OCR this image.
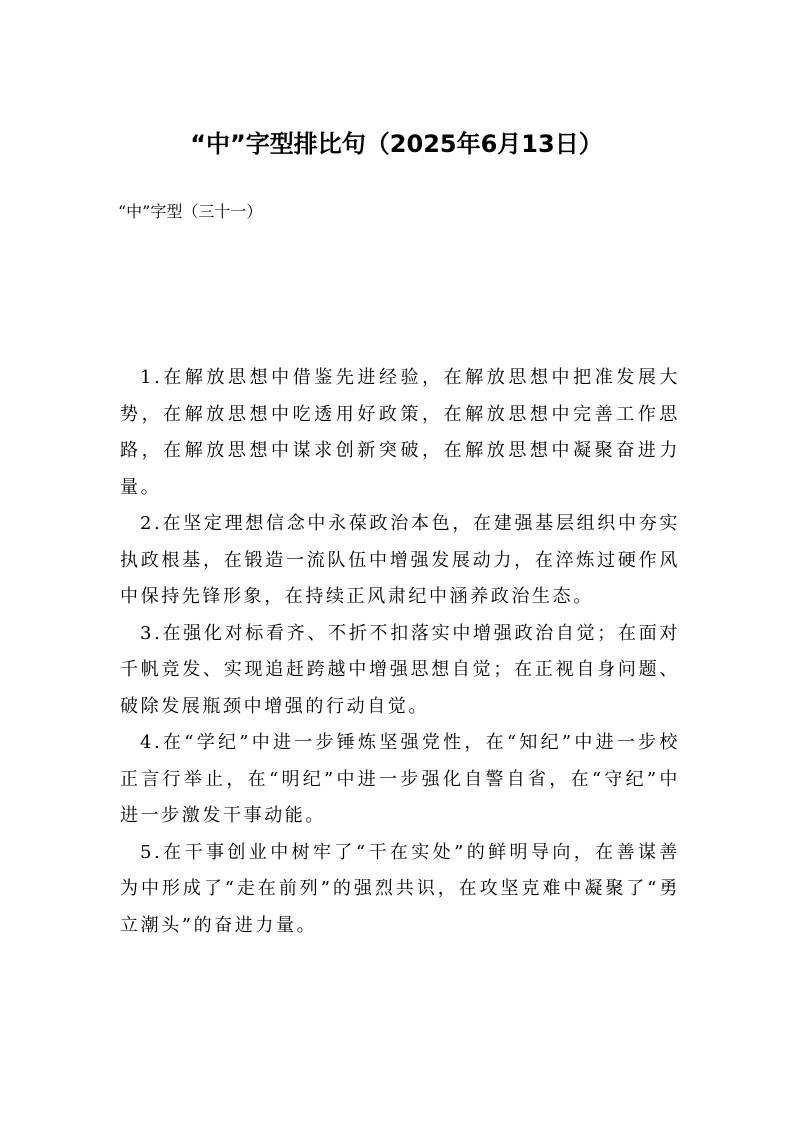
“中”字型排比句（2025年6月13日）
“中”字型（三十一）

1.在解放思想中借鉴先进经验，在解放思想中把准发展大势，在解放思想中吃透用好政策，在解放思想中完善工作思路，在解放思想中谋求创新突破，在解放思想中凝聚奋进力量。

2.在坚定理想信念中永葆政治本色，在建强基层组织中夯实执政根基，在锻造一流队伍中增强发展动力，在淬炼过硬作风中保持先锋形象，在持续正风肃纪中涵养政治生态。

3.在强化对标看齐、不折不扣落实中增强政治自觉；在面对千帆竞发、实现追赶跨越中增强思想自觉；在正视自身问题、破除发展瓶颈中增强的行动自觉。

4.在“学纪”中进一步锤炼坚强党性，在“知纪”中进一步校正言行举止，在“明纪”中进一步强化自警自省，在“守纪”中进一步激发干事动能。

5.在干事创业中树牢了“干在实处”的鲜明导向，在善谋善为中形成了“走在前列”的强烈共识，在攻坚克难中凝聚了“勇立潮头”的奋进力量。
